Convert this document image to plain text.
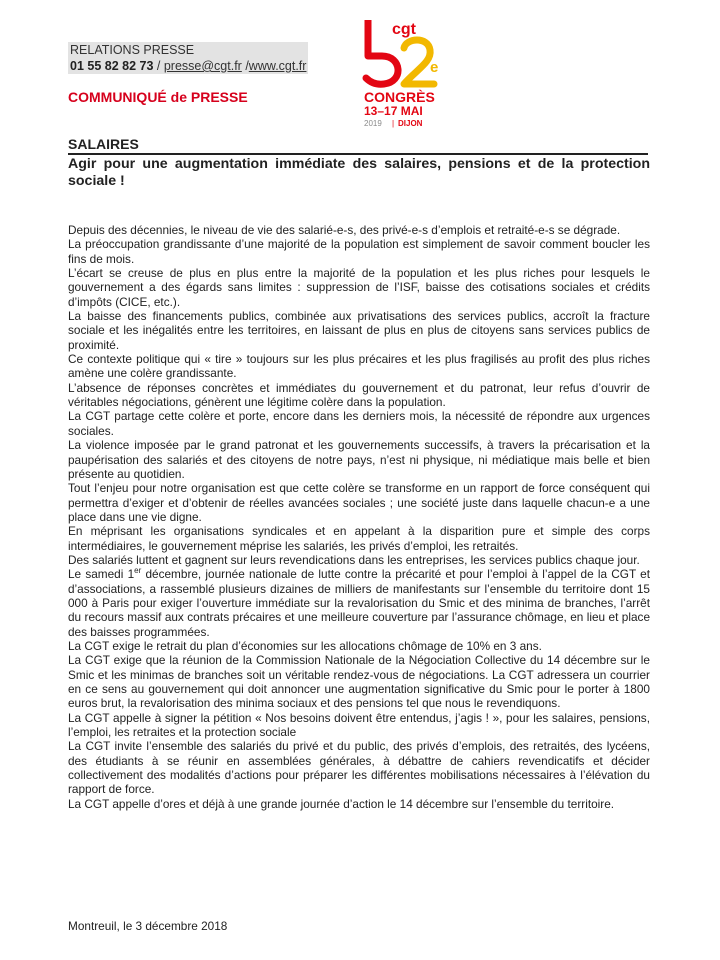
RELATIONS PRESSE
01 55 82 82 73 / presse@cgt.fr /www.cgt.fr
COMMUNIQUÉ de PRESSE
cgt
e
CONGRÈS
13–17 MAI
2019 | DIJON
SALAIRES
Agir pour une augmentation immédiate des salaires, pensions et de la protection sociale !

Depuis des décennies, le niveau de vie des salarié-e-s, des privé-e-s d’emplois et retraité-e-s se dégrade.

La préoccupation grandissante d’une majorité de la population est simplement de savoir comment boucler les fins de mois.

L’écart se creuse de plus en plus entre la majorité de la population et les plus riches pour lesquels le gouvernement a des égards sans limites : suppression de l’ISF, baisse des cotisations sociales et crédits d’impôts (CICE, etc.).

La baisse des financements publics, combinée aux privatisations des services publics, accroît la fracture sociale et les inégalités entre les territoires, en laissant de plus en plus de citoyens sans services publics de proximité.

Ce contexte politique qui « tire » toujours sur les plus précaires et les plus fragilisés au profit des plus riches amène une colère grandissante.

L’absence de réponses concrètes et immédiates du gouvernement et du patronat, leur refus d’ouvrir de véritables négociations, génèrent une légitime colère dans la population.

La CGT partage cette colère et porte, encore dans les derniers mois, la nécessité de répondre aux urgences sociales.

La violence imposée par le grand patronat et les gouvernements successifs, à travers la précarisation et la paupérisation des salariés et des citoyens de notre pays, n’est ni physique, ni médiatique mais belle et bien présente au quotidien.

Tout l’enjeu pour notre organisation est que cette colère se transforme en un rapport de force conséquent qui permettra d’exiger et d’obtenir de réelles avancées sociales ; une société juste dans laquelle chacun-e a une place dans une vie digne.

En méprisant les organisations syndicales et en appelant à la disparition pure et simple des corps intermédiaires, le gouvernement méprise les salariés, les privés d’emploi, les retraités.

Des salariés luttent et gagnent sur leurs revendications dans les entreprises, les services publics chaque jour.

Le samedi 1er décembre, journée nationale de lutte contre la précarité et pour l’emploi à l’appel de la CGT et d’associations, a rassemblé plusieurs dizaines de milliers de manifestants sur l’ensemble du territoire dont 15 000 à Paris pour exiger l’ouverture immédiate sur la revalorisation du Smic et des minima de branches, l’arrêt du recours massif aux contrats précaires et une meilleure couverture par l’assurance chômage, en lieu et place des baisses programmées.

La CGT exige le retrait du plan d’économies sur les allocations chômage de 10% en 3 ans.

La CGT exige que la réunion de la Commission Nationale de la Négociation Collective du 14 décembre sur le Smic et les minimas de branches soit un véritable rendez-vous de négociations. La CGT adressera un courrier en ce sens au gouvernement qui doit annoncer une augmentation significative du Smic pour le porter à 1800 euros brut, la revalorisation des minima sociaux et des pensions tel que nous le revendiquons.

La CGT appelle à signer la pétition « Nos besoins doivent être entendus, j’agis ! », pour les salaires, pensions, l’emploi, les retraites et la protection sociale

La CGT invite l’ensemble des salariés du privé et du public, des privés d’emplois, des retraités, des lycéens, des étudiants à se réunir en assemblées générales, à débattre de cahiers revendicatifs et décider collectivement des modalités d’actions pour préparer les différentes mobilisations nécessaires à l’élévation du rapport de force.

La CGT appelle d’ores et déjà à une grande journée d’action le 14 décembre sur l’ensemble du territoire.

Montreuil, le 3 décembre 2018
